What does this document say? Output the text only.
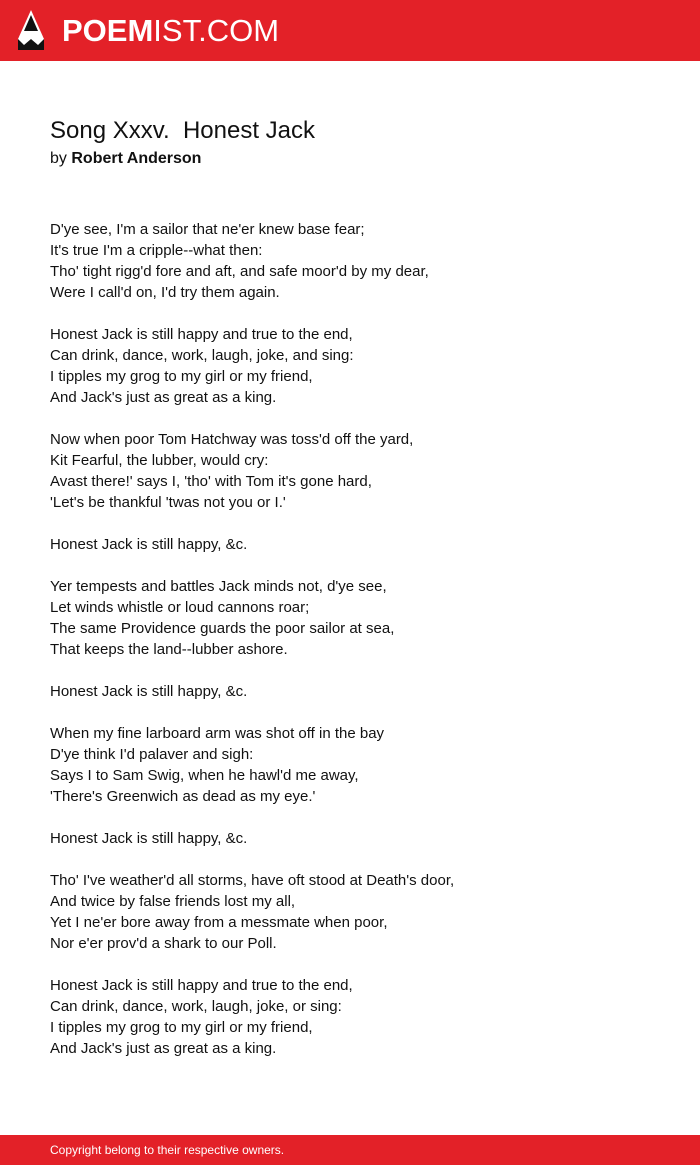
POEMIST.COM
Song Xxxv.  Honest Jack
by Robert Anderson
D'ye see, I'm a sailor that ne'er knew base fear;
It's true I'm a cripple--what then:
Tho' tight rigg'd fore and aft, and safe moor'd by my dear,
Were I call'd on, I'd try them again.
Honest Jack is still happy and true to the end,
Can drink, dance, work, laugh, joke, and sing:
I tipples my grog to my girl or my friend,
And Jack's just as great as a king.
Now when poor Tom Hatchway was toss'd off the yard,
Kit Fearful, the lubber, would cry:
Avast there!' says I, 'tho' with Tom it's gone hard,
'Let's be thankful 'twas not you or I.'
Honest Jack is still happy, &c.
Yer tempests and battles Jack minds not, d'ye see,
Let winds whistle or loud cannons roar;
The same Providence guards the poor sailor at sea,
That keeps the land--lubber ashore.
Honest Jack is still happy, &c.
When my fine larboard arm was shot off in the bay
D'ye think I'd palaver and sigh:
Says I to Sam Swig, when he hawl'd me away,
'There's Greenwich as dead as my eye.'
Honest Jack is still happy, &c.
Tho' I've weather'd all storms, have oft stood at Death's door,
And twice by false friends lost my all,
Yet I ne'er bore away from a messmate when poor,
Nor e'er prov'd a shark to our Poll.
Honest Jack is still happy and true to the end,
Can drink, dance, work, laugh, joke, or sing:
I tipples my grog to my girl or my friend,
And Jack's just as great as a king.
Copyright belong to their respective owners.
